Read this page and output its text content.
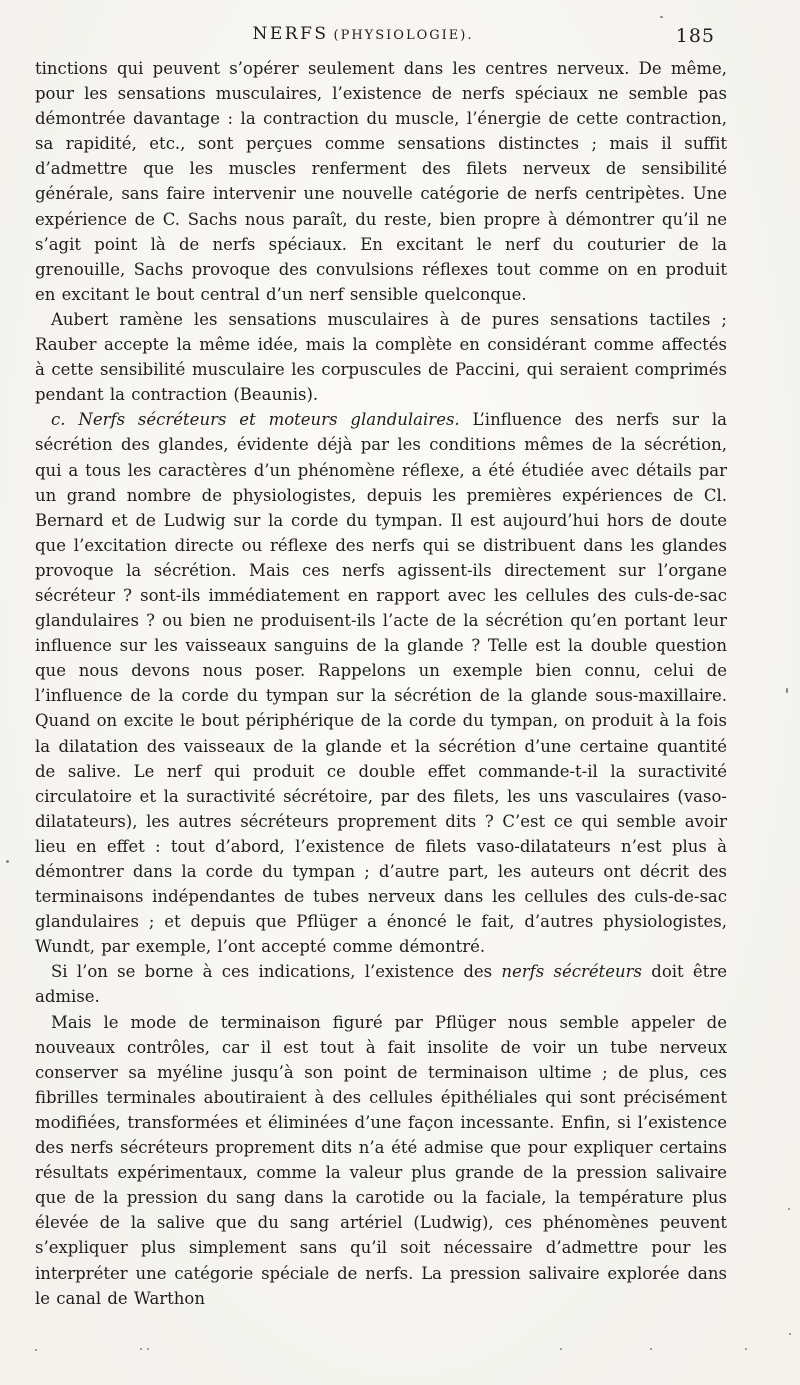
NERFS (PHYSIOLOGIE).	185

tinctions qui peuvent s’opérer seulement dans les centres nerveux. De même, pour les sensations musculaires, l’existence de nerfs spéciaux ne semble pas démontrée davantage : la contraction du muscle, l’énergie de cette contraction, sa rapidité, etc., sont perçues comme sensations distinctes ; mais il suffit d’admettre que les muscles renferment des filets nerveux de sensibilité générale, sans faire intervenir une nouvelle catégorie de nerfs centripètes. Une expérience de C. Sachs nous paraît, du reste, bien propre à démontrer qu’il ne s’agit point là de nerfs spéciaux. En excitant le nerf du couturier de la grenouille, Sachs provoque des convulsions réflexes tout comme on en produit en excitant le bout central d’un nerf sensible quelconque.

Aubert ramène les sensations musculaires à de pures sensations tactiles ; Rauber accepte la même idée, mais la complète en considérant comme affectés à cette sensibilité musculaire les corpuscules de Paccini, qui seraient comprimés pendant la contraction (Beaunis).

c. Nerfs sécréteurs et moteurs glandulaires. L’influence des nerfs sur la sécrétion des glandes, évidente déjà par les conditions mêmes de la sécrétion, qui a tous les caractères d’un phénomène réflexe, a été étudiée avec détails par un grand nombre de physiologistes, depuis les premières expériences de Cl. Bernard et de Ludwig sur la corde du tympan. Il est aujourd’hui hors de doute que l’excitation directe ou réflexe des nerfs qui se distribuent dans les glandes provoque la sécrétion. Mais ces nerfs agissent-ils directement sur l’organe sécréteur ? sont-ils immédiatement en rapport avec les cellules des culs-de-sac glandulaires ? ou bien ne produisent-ils l’acte de la sécrétion qu’en portant leur influence sur les vaisseaux sanguins de la glande ? Telle est la double question que nous devons nous poser. Rappelons un exemple bien connu, celui de l’influence de la corde du tympan sur la sécrétion de la glande sous-maxillaire. Quand on excite le bout périphérique de la corde du tympan, on produit à la fois la dilatation des vaisseaux de la glande et la sécrétion d’une certaine quantité de salive. Le nerf qui produit ce double effet commande-t-il la suractivité circulatoire et la suractivité sécrétoire, par des filets, les uns vasculaires (vaso-dilatateurs), les autres sécréteurs proprement dits ? C’est ce qui semble avoir lieu en effet : tout d’abord, l’existence de filets vaso-dilatateurs n’est plus à démontrer dans la corde du tympan ; d’autre part, les auteurs ont décrit des terminaisons indépendantes de tubes nerveux dans les cellules des culs-de-sac glandulaires ; et depuis que Pflüger a énoncé le fait, d’autres physiologistes, Wundt, par exemple, l’ont accepté comme démontré.

Si l’on se borne à ces indications, l’existence des nerfs sécréteurs doit être admise.

Mais le mode de terminaison figuré par Pflüger nous semble appeler de nouveaux contrôles, car il est tout à fait insolite de voir un tube nerveux conserver sa myéline jusqu’à son point de terminaison ultime ; de plus, ces fibrilles terminales aboutiraient à des cellules épithéliales qui sont précisément modifiées, transformées et éliminées d’une façon incessante. Enfin, si l’existence des nerfs sécréteurs proprement dits n’a été admise que pour expliquer certains résultats expérimentaux, comme la valeur plus grande de la pression salivaire que de la pression du sang dans la carotide ou la faciale, la température plus élevée de la salive que du sang artériel (Ludwig), ces phénomènes peuvent s’expliquer plus simplement sans qu’il soit nécessaire d’admettre pour les interpréter une catégorie spéciale de nerfs. La pression salivaire explorée dans le canal de Warthon
